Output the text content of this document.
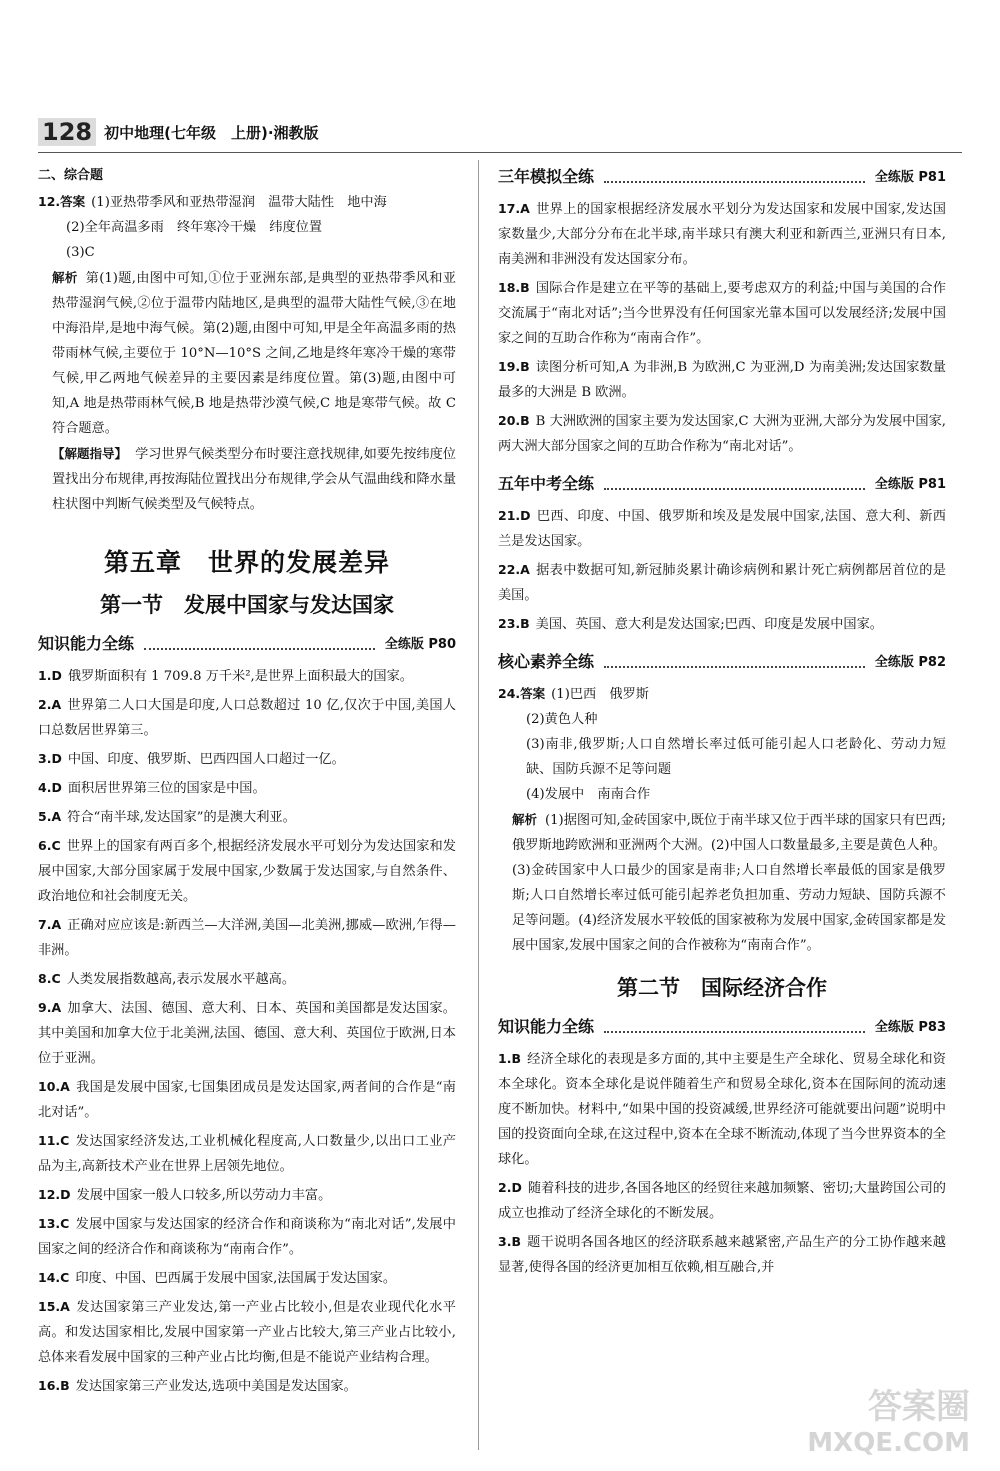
128 初中地理(七年级　上册)·湘教版
二、综合题

12.答案 (1)亚热带季风和亚热带湿润　温带大陆性　地中海

(2)全年高温多雨　终年寒冷干燥　纬度位置

(3)C

解析 第(1)题,由图中可知,①位于亚洲东部,是典型的亚热带季风和亚热带湿润气候,②位于温带内陆地区,是典型的温带大陆性气候,③在地中海沿岸,是地中海气候。第(2)题,由图中可知,甲是全年高温多雨的热带雨林气候,主要位于 10°N—10°S 之间,乙地是终年寒冷干燥的寒带气候,甲乙两地气候差异的主要因素是纬度位置。第(3)题,由图中可知,A 地是热带雨林气候,B 地是热带沙漠气候,C 地是寒带气候。故 C 符合题意。

【解题指导】 学习世界气候类型分布时要注意找规律,如要先按纬度位置找出分布规律,再按海陆位置找出分布规律,学会从气温曲线和降水量柱状图中判断气候类型及气候特点。

第五章　世界的发展差异
第一节　发展中国家与发达国家
知识能力全练	全练版 P80

1.D 俄罗斯面积有 1 709.8 万千米²,是世界上面积最大的国家。

2.A 世界第二人口大国是印度,人口总数超过 10 亿,仅次于中国,美国人口总数居世界第三。

3.D 中国、印度、俄罗斯、巴西四国人口超过一亿。

4.D 面积居世界第三位的国家是中国。

5.A 符合“南半球,发达国家”的是澳大利亚。

6.C 世界上的国家有两百多个,根据经济发展水平可划分为发达国家和发展中国家,大部分国家属于发展中国家,少数属于发达国家,与自然条件、政治地位和社会制度无关。

7.A 正确对应应该是:新西兰—大洋洲,美国—北美洲,挪威—欧洲,乍得—非洲。

8.C 人类发展指数越高,表示发展水平越高。

9.A 加拿大、法国、德国、意大利、日本、英国和美国都是发达国家。其中美国和加拿大位于北美洲,法国、德国、意大利、英国位于欧洲,日本位于亚洲。

10.A 我国是发展中国家,七国集团成员是发达国家,两者间的合作是“南北对话”。

11.C 发达国家经济发达,工业机械化程度高,人口数量少,以出口工业产品为主,高新技术产业在世界上居领先地位。

12.D 发展中国家一般人口较多,所以劳动力丰富。

13.C 发展中国家与发达国家的经济合作和商谈称为“南北对话”,发展中国家之间的经济合作和商谈称为“南南合作”。

14.C 印度、中国、巴西属于发展中国家,法国属于发达国家。

15.A 发达国家第三产业发达,第一产业占比较小,但是农业现代化水平高。和发达国家相比,发展中国家第一产业占比较大,第三产业占比较小,总体来看发展中国家的三种产业占比均衡,但是不能说产业结构合理。

16.B 发达国家第三产业发达,选项中美国是发达国家。

三年模拟全练	全练版 P81

17.A 世界上的国家根据经济发展水平划分为发达国家和发展中国家,发达国家数量少,大部分分布在北半球,南半球只有澳大利亚和新西兰,亚洲只有日本,南美洲和非洲没有发达国家分布。

18.B 国际合作是建立在平等的基础上,要考虑双方的利益;中国与美国的合作交流属于“南北对话”;当今世界没有任何国家光靠本国可以发展经济;发展中国家之间的互助合作称为“南南合作”。

19.B 读图分析可知,A 为非洲,B 为欧洲,C 为亚洲,D 为南美洲;发达国家数量最多的大洲是 B 欧洲。

20.B B 大洲欧洲的国家主要为发达国家,C 大洲为亚洲,大部分为发展中国家,两大洲大部分国家之间的互助合作称为“南北对话”。

五年中考全练	全练版 P81

21.D 巴西、印度、中国、俄罗斯和埃及是发展中国家,法国、意大利、新西兰是发达国家。

22.A 据表中数据可知,新冠肺炎累计确诊病例和累计死亡病例都居首位的是美国。

23.B 美国、英国、意大利是发达国家;巴西、印度是发展中国家。

核心素养全练	全练版 P82

24.答案 (1)巴西　俄罗斯

(2)黄色人种

(3)南非,俄罗斯;人口自然增长率过低可能引起人口老龄化、劳动力短缺、国防兵源不足等问题

(4)发展中　南南合作

解析 (1)据图可知,金砖国家中,既位于南半球又位于西半球的国家只有巴西;俄罗斯地跨欧洲和亚洲两个大洲。(2)中国人口数量最多,主要是黄色人种。(3)金砖国家中人口最少的国家是南非;人口自然增长率最低的国家是俄罗斯;人口自然增长率过低可能引起养老负担加重、劳动力短缺、国防兵源不足等问题。(4)经济发展水平较低的国家被称为发展中国家,金砖国家都是发展中国家,发展中国家之间的合作被称为“南南合作”。

第二节　国际经济合作
知识能力全练	全练版 P83

1.B 经济全球化的表现是多方面的,其中主要是生产全球化、贸易全球化和资本全球化。资本全球化是说伴随着生产和贸易全球化,资本在国际间的流动速度不断加快。材料中,“如果中国的投资减缓,世界经济可能就要出问题”说明中国的投资面向全球,在这过程中,资本在全球不断流动,体现了当今世界资本的全球化。

2.D 随着科技的进步,各国各地区的经贸往来越加频繁、密切;大量跨国公司的成立也推动了经济全球化的不断发展。

3.B 题干说明各国各地区的经济联系越来越紧密,产品生产的分工协作越来越显著,使得各国的经济更加相互依赖,相互融合,并

答案圈
MXQE.COM
